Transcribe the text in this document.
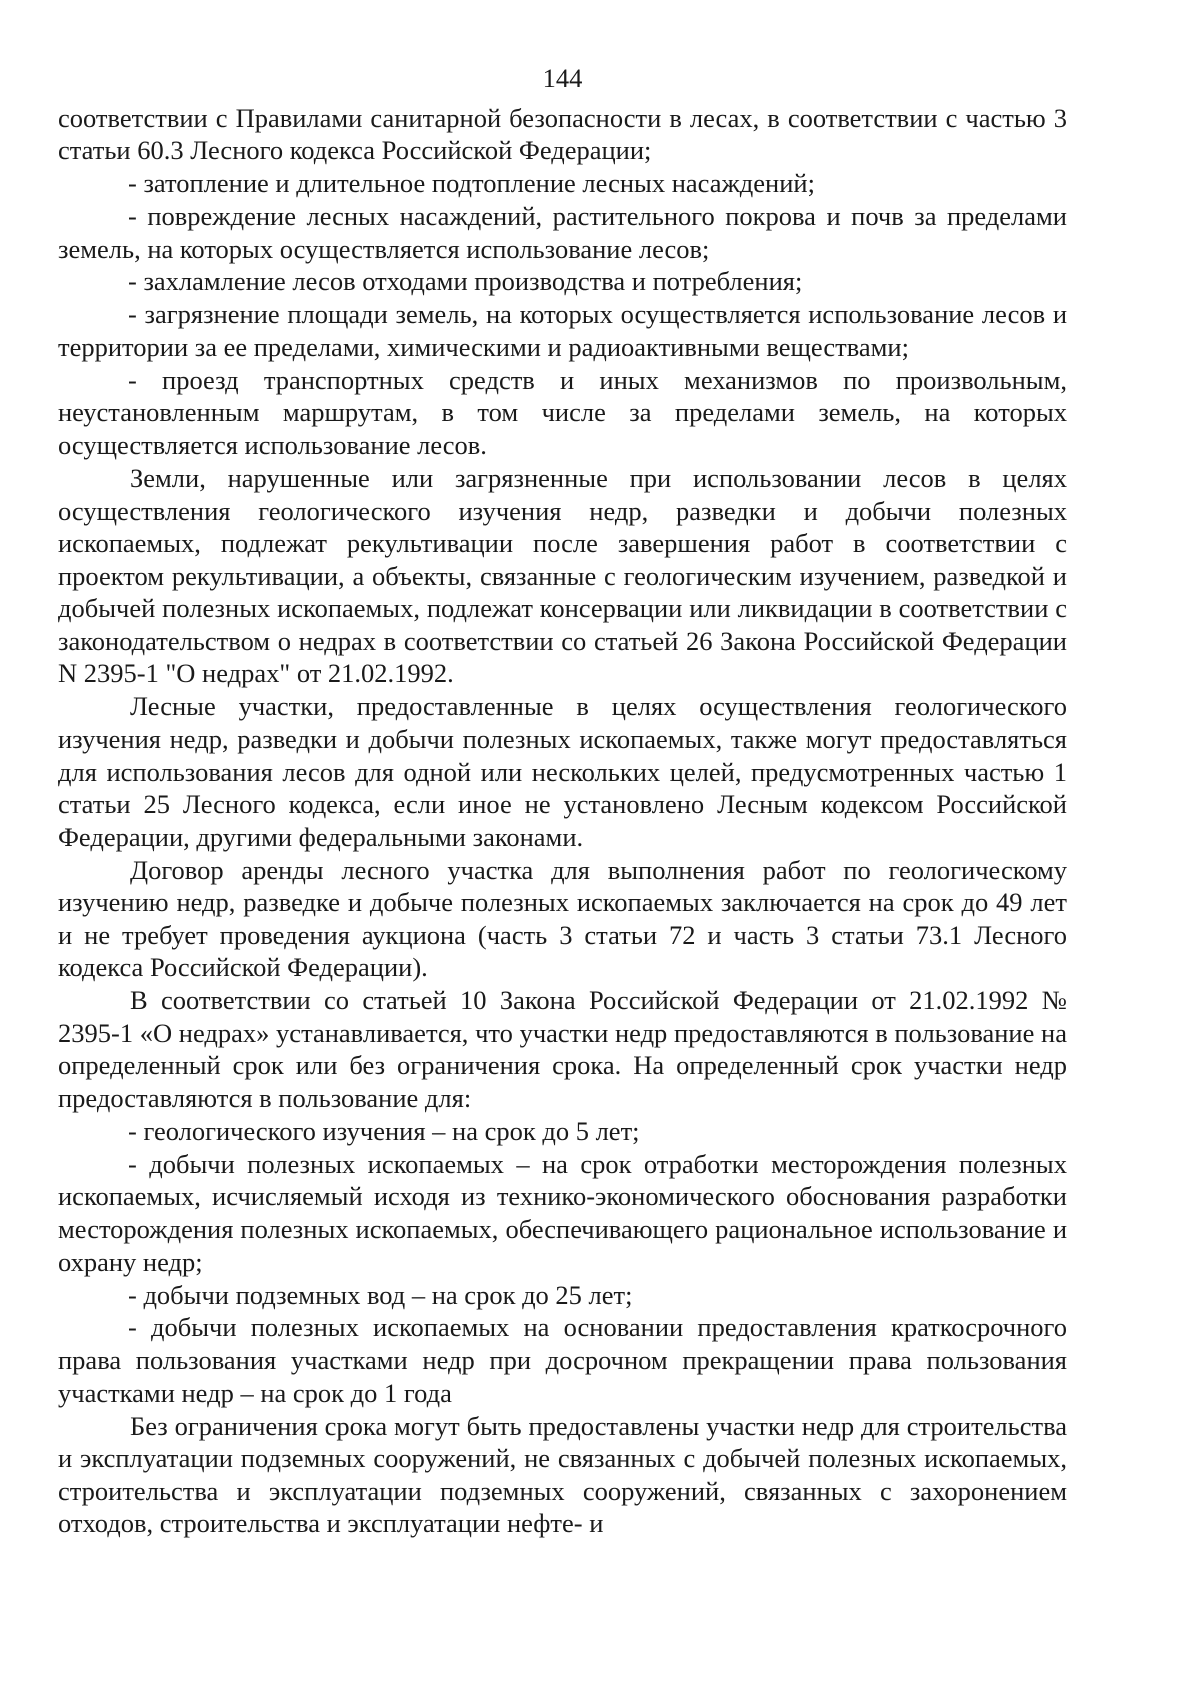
144

соответствии с Правилами санитарной безопасности в лесах, в соответствии с частью 3 статьи 60.3 Лесного кодекса Российской Федерации;

- затопление и длительное подтопление лесных насаждений;

- повреждение лесных насаждений, растительного покрова и почв за пределами земель, на которых осуществляется использование лесов;

- захламление лесов отходами производства и потребления;

- загрязнение площади земель, на которых осуществляется использование лесов и территории за ее пределами, химическими и радиоактивными веществами;

- проезд транспортных средств и иных механизмов по произвольным, неустановленным маршрутам, в том числе за пределами земель, на которых осуществляется использование лесов.

Земли, нарушенные или загрязненные при использовании лесов в целях осуществления геологического изучения недр, разведки и добычи полезных ископаемых, подлежат рекультивации после завершения работ в соответствии с проектом рекультивации, а объекты, связанные с геологическим изучением, разведкой и добычей полезных ископаемых, подлежат консервации или ликвидации в соответствии с законодательством о недрах в соответствии со статьей 26 Закона Российской Федерации N 2395-1 "О недрах" от 21.02.1992.

Лесные участки, предоставленные в целях осуществления геологического изучения недр, разведки и добычи полезных ископаемых, также могут предоставляться для использования лесов для одной или нескольких целей, предусмотренных частью 1 статьи 25 Лесного кодекса, если иное не установлено Лесным кодексом Российской Федерации, другими федеральными законами.

Договор аренды лесного участка для выполнения работ по геологическому изучению недр, разведке и добыче полезных ископаемых заключается на срок до 49 лет и не требует проведения аукциона (часть 3 статьи 72 и часть 3 статьи 73.1 Лесного кодекса Российской Федерации).

В соответствии со статьей 10 Закона Российской Федерации от 21.02.1992 № 2395-1 «О недрах» устанавливается, что участки недр предоставляются в пользование на определенный срок или без ограничения срока. На определенный срок участки недр предоставляются в пользование для:

- геологического изучения – на срок до 5 лет;

- добычи полезных ископаемых – на срок отработки месторождения полезных ископаемых, исчисляемый исходя из технико-экономического обоснования разработки месторождения полезных ископаемых, обеспечивающего рациональное использование и охрану недр;

- добычи подземных вод – на срок до 25 лет;

- добычи полезных ископаемых на основании предоставления краткосрочного права пользования участками недр при досрочном прекращении права пользования участками недр – на срок до 1 года

Без ограничения срока могут быть предоставлены участки недр для строительства и эксплуатации подземных сооружений, не связанных с добычей полезных ископаемых, строительства и эксплуатации подземных сооружений, связанных с захоронением отходов, строительства и эксплуатации нефте- и
